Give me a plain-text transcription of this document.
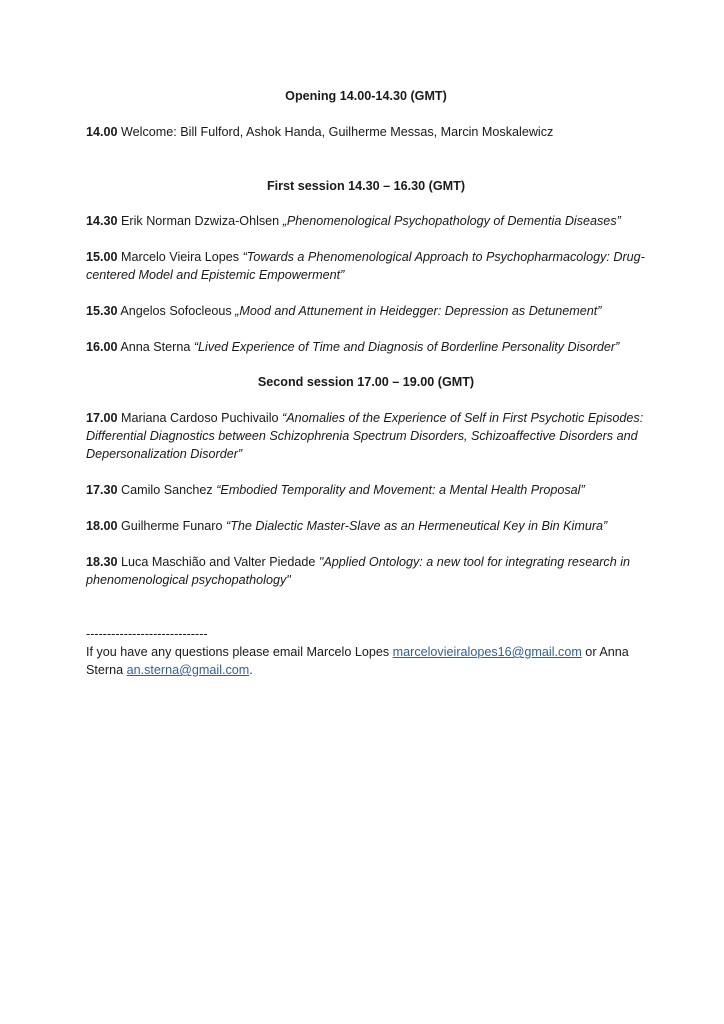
Opening 14.00-14.30 (GMT)

14.00 Welcome: Bill Fulford, Ashok Handa, Guilherme Messas, Marcin Moskalewicz

First session 14.30 – 16.30 (GMT)

14.30 Erik Norman Dzwiza-Ohlsen „Phenomenological Psychopathology of Dementia Diseases”

15.00 Marcelo Vieira Lopes “Towards a Phenomenological Approach to Psychopharmacology: Drug-centered Model and Epistemic Empowerment”

15.30 Angelos Sofocleous „Mood and Attunement in Heidegger: Depression as Detunement”

16.00 Anna Sterna “Lived Experience of Time and Diagnosis of Borderline Personality Disorder”

Second session 17.00 – 19.00 (GMT)

17.00 Mariana Cardoso Puchivailo “Anomalies of the Experience of Self in First Psychotic Episodes: Differential Diagnostics between Schizophrenia Spectrum Disorders, Schizoaffective Disorders and Depersonalization Disorder”

17.30 Camilo Sanchez “Embodied Temporality and Movement: a Mental Health Proposal”

18.00 Guilherme Funaro “The Dialectic Master-Slave as an Hermeneutical Key in Bin Kimura”

18.30 Luca Maschião and Valter Piedade "Applied Ontology: a new tool for integrating research in phenomenological psychopathology"

-----------------------------

If you have any questions please email Marcelo Lopes marcelovieiralopes16@gmail.com or Anna Sterna an.sterna@gmail.com.
